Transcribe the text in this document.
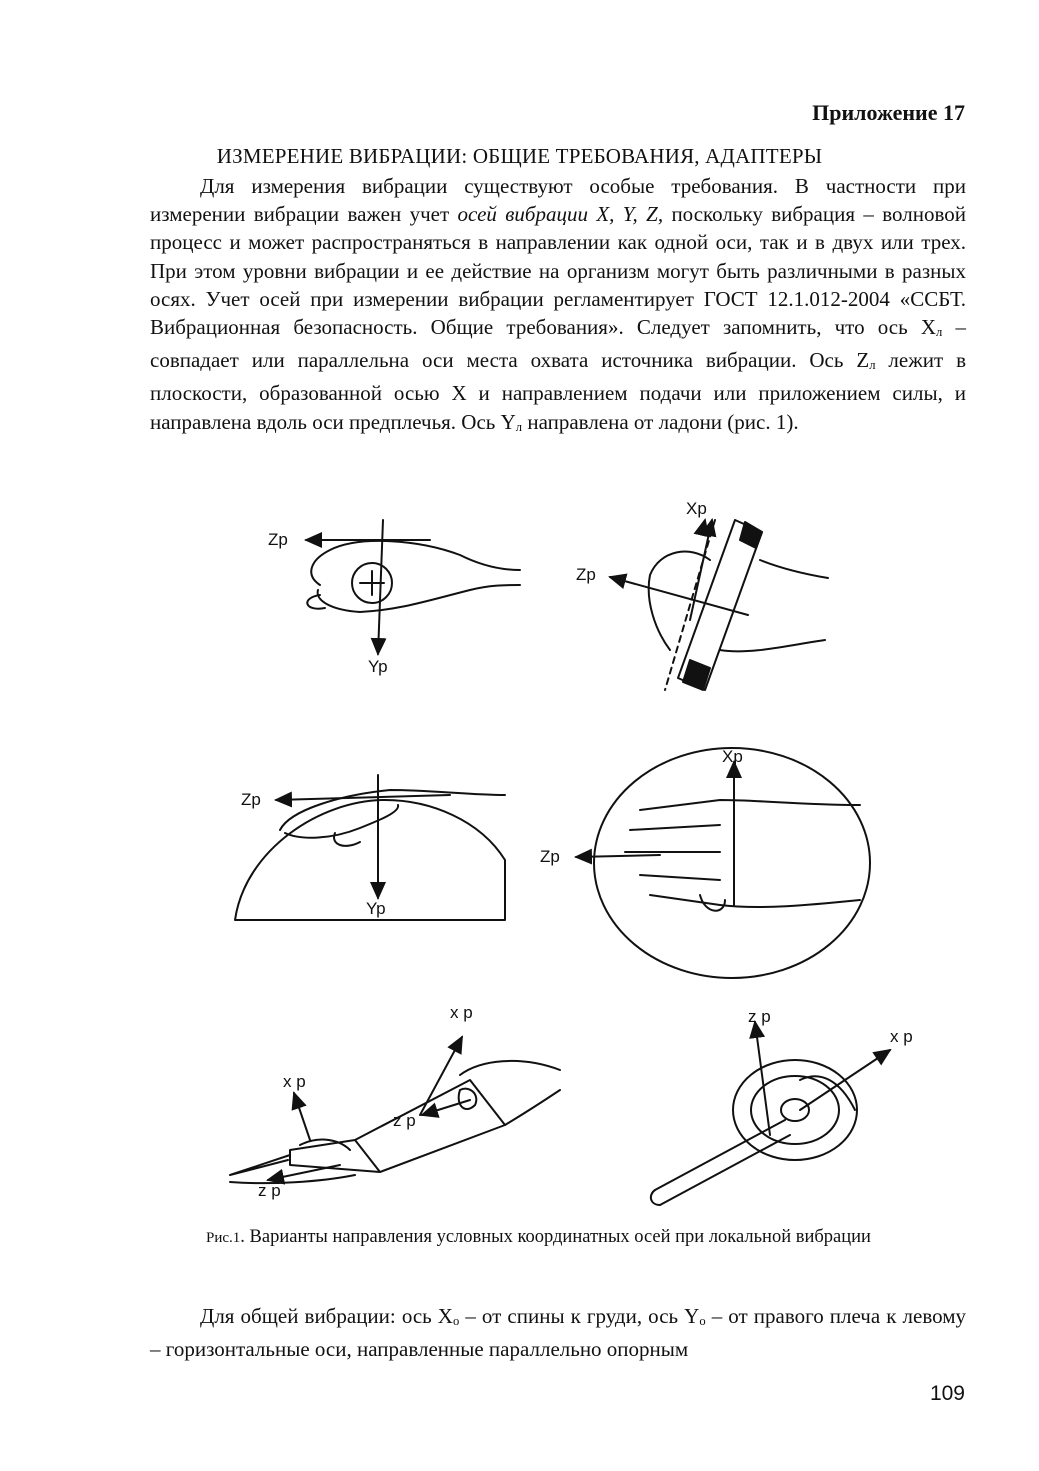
Приложение 17
ИЗМЕРЕНИЕ ВИБРАЦИИ: ОБЩИЕ ТРЕБОВАНИЯ, АДАПТЕРЫ
Для измерения вибрации существуют особые требования. В частности при измерении вибрации важен учет осей вибрации X, Y, Z, поскольку вибрация – волновой процесс и может распространяться в направлении как одной оси, так и в двух или трех. При этом уровни вибрации и ее действие на организм могут быть различными в разных осях. Учет осей при измерении вибрации регламентирует ГОСТ 12.1.012-2004 «ССБТ. Вибрационная безопасность. Общие требования». Следует запомнить, что ось $X_л$ – совпадает или параллельна оси места охвата источника вибрации. Ось $Z_л$ лежит в плоскости, образованной осью X и направлением подачи или приложением силы, и направлена вдоль оси предплечья. Ось $Y_л$ направлена от ладони (рис. 1).
Zp
Yp
Xp
Zp
Zp
Yp
Xp
Zp
x p
x p
z p
z p
z p
x p
Рис.1. Варианты направления условных координатных осей при локальной вибрации
Для общей вибрации: ось $X_о$ – от спины к груди, ось $Y_о$ – от правого плеча к левому – горизонтальные оси, направленные параллельно опорным
109
